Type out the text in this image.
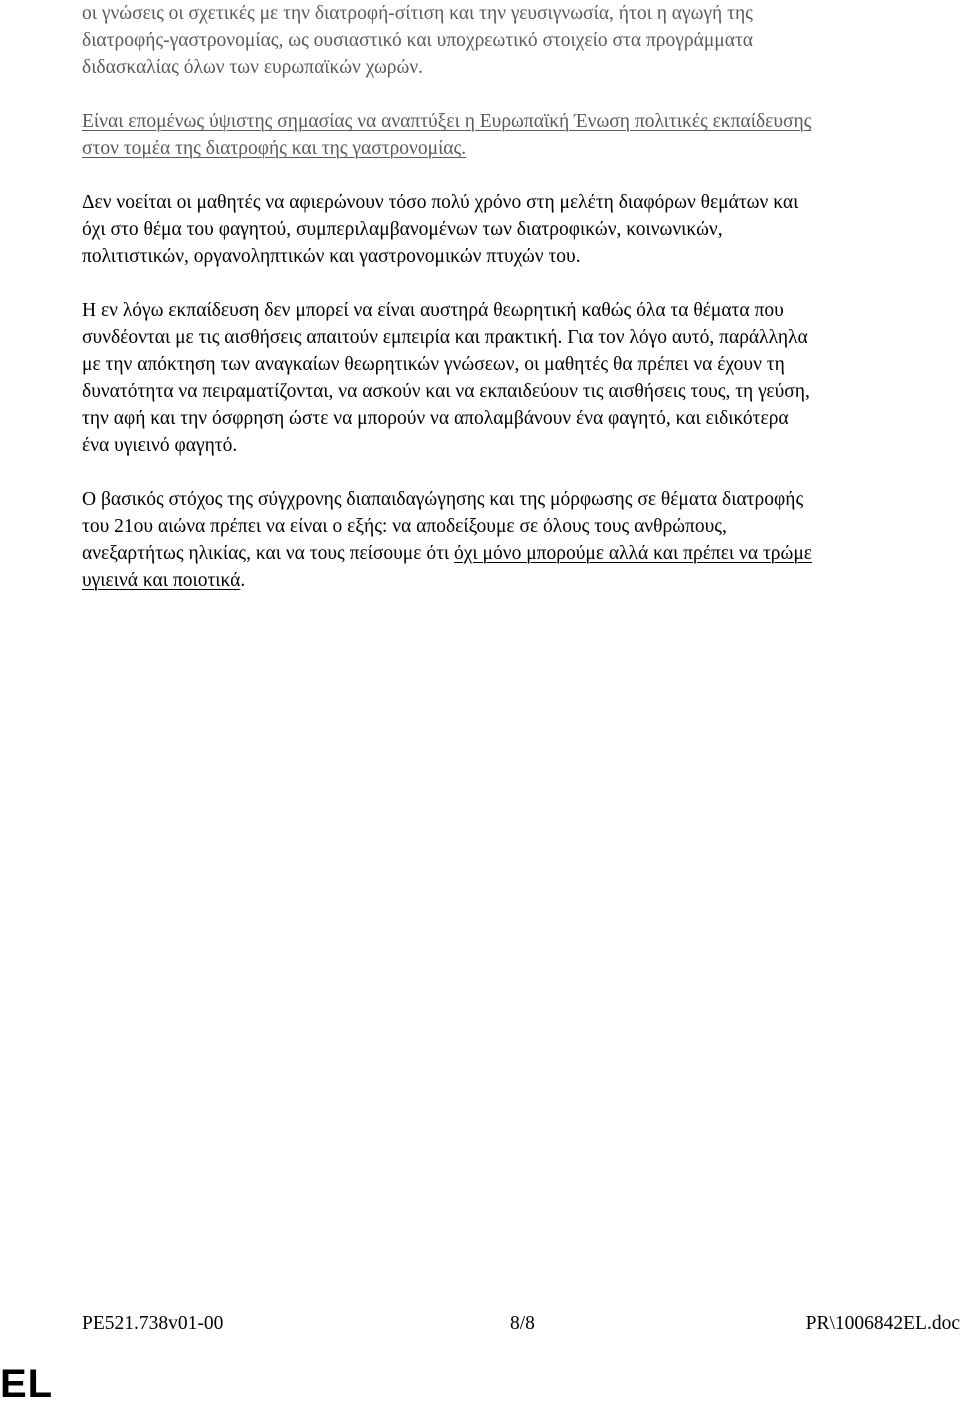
οι γνώσεις οι σχετικές με την διατροφή-σίτιση και την γευσιγνωσία, ήτοι η αγωγή της
διατροφής-γαστρονομίας, ως ουσιαστικό και υποχρεωτικό στοιχείο στα προγράμματα
διδασκαλίας όλων των ευρωπαϊκών χωρών.

Είναι επομένως ύψιστης σημασίας να αναπτύξει η Ευρωπαϊκή Ένωση πολιτικές εκπαίδευσης
στον τομέα της διατροφής και της γαστρονομίας.

Δεν νοείται οι μαθητές να αφιερώνουν τόσο πολύ χρόνο στη μελέτη διαφόρων θεμάτων και
όχι στο θέμα του φαγητού, συμπεριλαμβανομένων των διατροφικών, κοινωνικών,
πολιτιστικών, οργανοληπτικών και γαστρονομικών πτυχών του.

Η εν λόγω εκπαίδευση δεν μπορεί να είναι αυστηρά θεωρητική καθώς όλα τα θέματα που
συνδέονται με τις αισθήσεις απαιτούν εμπειρία και πρακτική. Για τον λόγο αυτό, παράλληλα
με την απόκτηση των αναγκαίων θεωρητικών γνώσεων, οι μαθητές θα πρέπει να έχουν τη
δυνατότητα να πειραματίζονται, να ασκούν και να εκπαιδεύουν τις αισθήσεις τους, τη γεύση,
την αφή και την όσφρηση ώστε να μπορούν να απολαμβάνουν ένα φαγητό, και ειδικότερα
ένα υγιεινό φαγητό.

Ο βασικός στόχος της σύγχρονης διαπαιδαγώγησης και της μόρφωσης σε θέματα διατροφής
του 21ου αιώνα πρέπει να είναι ο εξής: να αποδείξουμε σε όλους τους ανθρώπους,
ανεξαρτήτως ηλικίας, και να τους πείσουμε ότι όχι μόνο μπορούμε αλλά και πρέπει να τρώμε
υγιεινά και ποιοτικά.

PE521.738v01-00	8/8	PR\1006842EL.doc
EL
